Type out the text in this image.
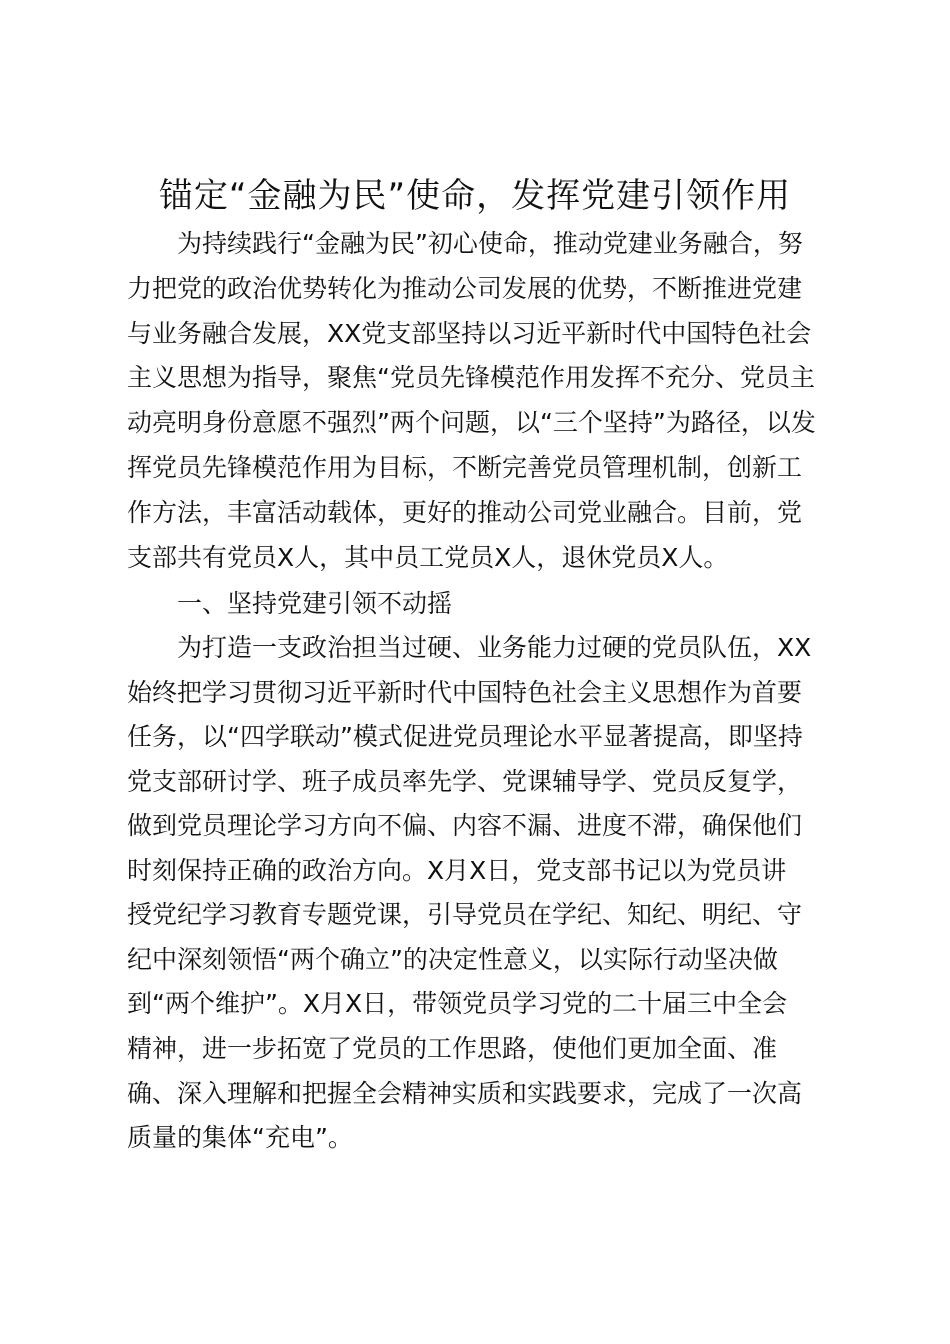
锚定“金融为民”使命，发挥党建引领作用

为持续践行“金融为民”初心使命，推动党建业务融合，努

力把党的政治优势转化为推动公司发展的优势，不断推进党建

与业务融合发展，XX党支部坚持以习近平新时代中国特色社会

主义思想为指导，聚焦“党员先锋模范作用发挥不充分、党员主

动亮明身份意愿不强烈”两个问题，以“三个坚持”为路径，以发

挥党员先锋模范作用为目标，不断完善党员管理机制，创新工

作方法，丰富活动载体，更好的推动公司党业融合。目前，党

支部共有党员X人，其中员工党员X人，退休党员X人。

一、坚持党建引领不动摇

为打造一支政治担当过硬、业务能力过硬的党员队伍，XX

始终把学习贯彻习近平新时代中国特色社会主义思想作为首要

任务，以“四学联动”模式促进党员理论水平显著提高，即坚持

党支部研讨学、班子成员率先学、党课辅导学、党员反复学，

做到党员理论学习方向不偏、内容不漏、进度不滞，确保他们

时刻保持正确的政治方向。X月X日，党支部书记以为党员讲

授党纪学习教育专题党课，引导党员在学纪、知纪、明纪、守

纪中深刻领悟“两个确立”的决定性意义，以实际行动坚决做

到“两个维护”。X月X日，带领党员学习党的二十届三中全会

精神，进一步拓宽了党员的工作思路，使他们更加全面、准

确、深入理解和把握全会精神实质和实践要求，完成了一次高

质量的集体“充电”。
